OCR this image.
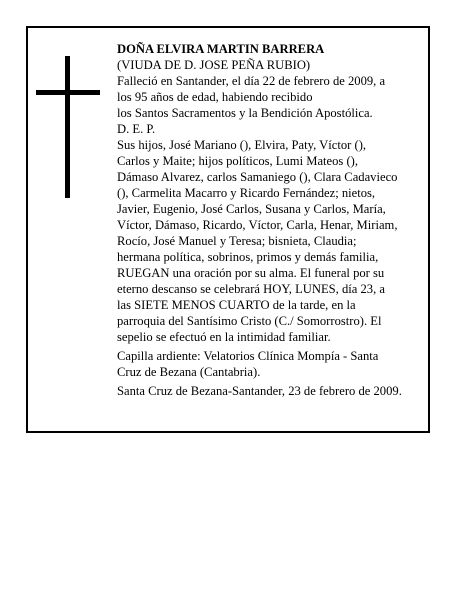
DOÑA ELVIRA MARTIN BARRERA
(VIUDA DE D. JOSE PEÑA RUBIO)
Falleció en Santander, el día 22 de febrero de 2009, a
los 95 años de edad, habiendo recibido
los Santos Sacramentos y la Bendición Apostólica.
D. E. P.
Sus hijos, José Mariano (), Elvira, Paty, Víctor (),
Carlos y Maite; hijos políticos, Lumi Mateos (),
Dámaso Alvarez, carlos Samaniego (), Clara Cadavieco
(), Carmelita Macarro y Ricardo Fernández; nietos,
Javier, Eugenio, José Carlos, Susana y Carlos, María,
Víctor, Dámaso, Ricardo, Víctor, Carla, Henar, Miriam,
Rocío, José Manuel y Teresa; bisnieta, Claudia;
hermana política, sobrinos, primos y demás familia,
RUEGAN una oración por su alma. El funeral por su
eterno descanso se celebrará HOY, LUNES, día 23, a
las SIETE MENOS CUARTO de la tarde, en la
parroquia del Santísimo Cristo (C./ Somorrostro). El
sepelio se efectuó en la intimidad familiar.
Capilla ardiente: Velatorios Clínica Mompía - Santa
Cruz de Bezana (Cantabria).
Santa Cruz de Bezana-Santander, 23 de febrero de 2009.
